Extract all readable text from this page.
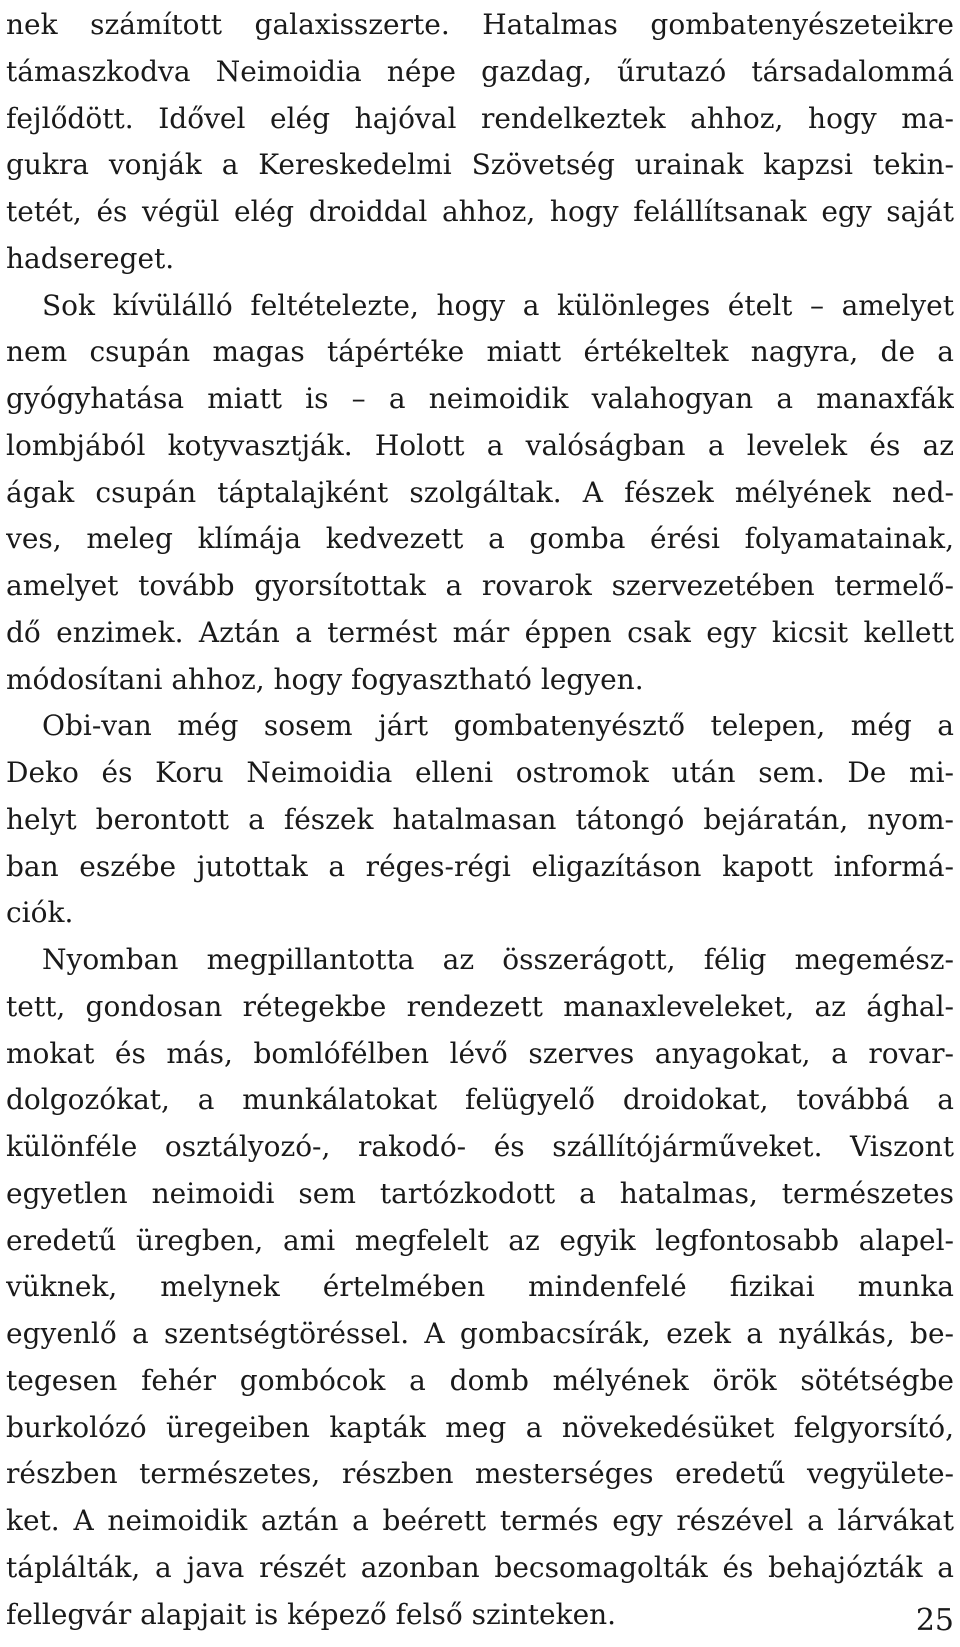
nek számított galaxisszerte. Hatalmas gombatenyészeteikre
támaszkodva Neimoidia népe gazdag, űrutazó társadalommá
fejlődött. Idővel elég hajóval rendelkeztek ahhoz, hogy ma-
gukra vonják a Kereskedelmi Szövetség urainak kapzsi tekin-
tetét, és végül elég droiddal ahhoz, hogy felállítsanak egy saját
hadsereget.
Sok kívülálló feltételezte, hogy a különleges ételt – amelyet
nem csupán magas tápértéke miatt értékeltek nagyra, de a
gyógyhatása miatt is – a neimoidik valahogyan a manaxfák
lombjából kotyvasztják. Holott a valóságban a levelek és az
ágak csupán táptalajként szolgáltak. A fészek mélyének ned-
ves, meleg klímája kedvezett a gomba érési folyamatainak,
amelyet tovább gyorsítottak a rovarok szervezetében termelő-
dő enzimek. Aztán a termést már éppen csak egy kicsit kellett
módosítani ahhoz, hogy fogyasztható legyen.
Obi-van még sosem járt gombatenyésztő telepen, még a
Deko és Koru Neimoidia elleni ostromok után sem. De mi-
helyt berontott a fészek hatalmasan tátongó bejáratán, nyom-
ban eszébe jutottak a réges-régi eligazításon kapott informá-
ciók.
Nyomban megpillantotta az összerágott, félig megemész-
tett, gondosan rétegekbe rendezett manaxleveleket, az ághal-
mokat és más, bomlófélben lévő szerves anyagokat, a rovar-
dolgozókat, a munkálatokat felügyelő droidokat, továbbá a
különféle osztályozó-, rakodó- és szállítójárműveket. Viszont
egyetlen neimoidi sem tartózkodott a hatalmas, természetes
eredetű üregben, ami megfelelt az egyik legfontosabb alapel-
vüknek, melynek értelmében mindenfelé fizikai munka
egyenlő a szentségtöréssel. A gombacsírák, ezek a nyálkás, be-
tegesen fehér gombócok a domb mélyének örök sötétségbe
burkolózó üregeiben kapták meg a növekedésüket felgyorsító,
részben természetes, részben mesterséges eredetű vegyülete-
ket. A neimoidik aztán a beérett termés egy részével a lárvákat
táplálták, a java részét azonban becsomagolták és behajózták a
fellegvár alapjait is képező felső szinteken.	25
